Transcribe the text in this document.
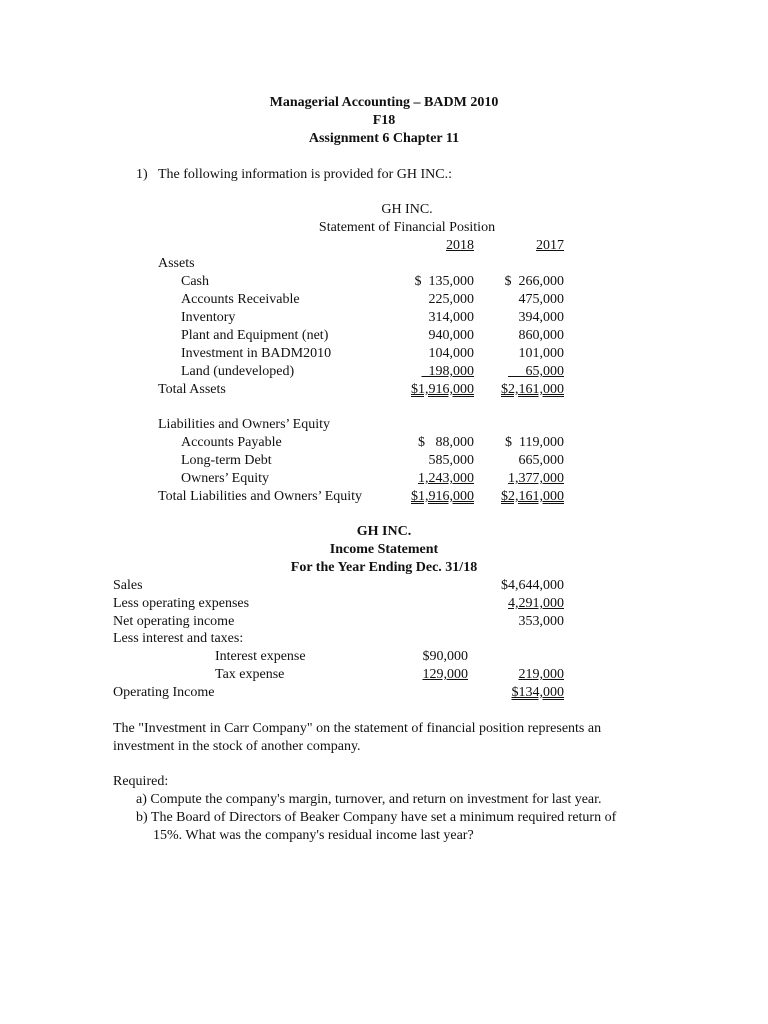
Managerial Accounting – BADM 2010
F18
Assignment 6 Chapter 11
1) The following information is provided for GH INC.:
GH INC.
Statement of Financial Position
2018	2017
Assets
Cash	$  135,000	$  266,000
Accounts Receivable	225,000	475,000
Inventory	314,000	394,000
Plant and Equipment (net)	940,000	860,000
Investment in BADM2010	104,000	101,000
Land (undeveloped)	198,000	65,000
Total Assets	$1,916,000	$2,161,000
Liabilities and Owners’ Equity
Accounts Payable	$   88,000	$  119,000
Long-term Debt	585,000	665,000
Owners’ Equity	1,243,000	1,377,000
Total Liabilities and Owners’ Equity	$1,916,000	$2,161,000
GH INC.
Income Statement
For the Year Ending Dec. 31/18
Sales	$4,644,000
Less operating expenses	4,291,000
Net operating income	353,000
Less interest and taxes:
Interest expense	$90,000
Tax expense	129,000	219,000
Operating Income	$134,000
The "Investment in Carr Company" on the statement of financial position represents an
investment in the stock of another company.
Required:
a) Compute the company's margin, turnover, and return on investment for last year.
b) The Board of Directors of Beaker Company have set a minimum required return of
15%. What was the company's residual income last year?
